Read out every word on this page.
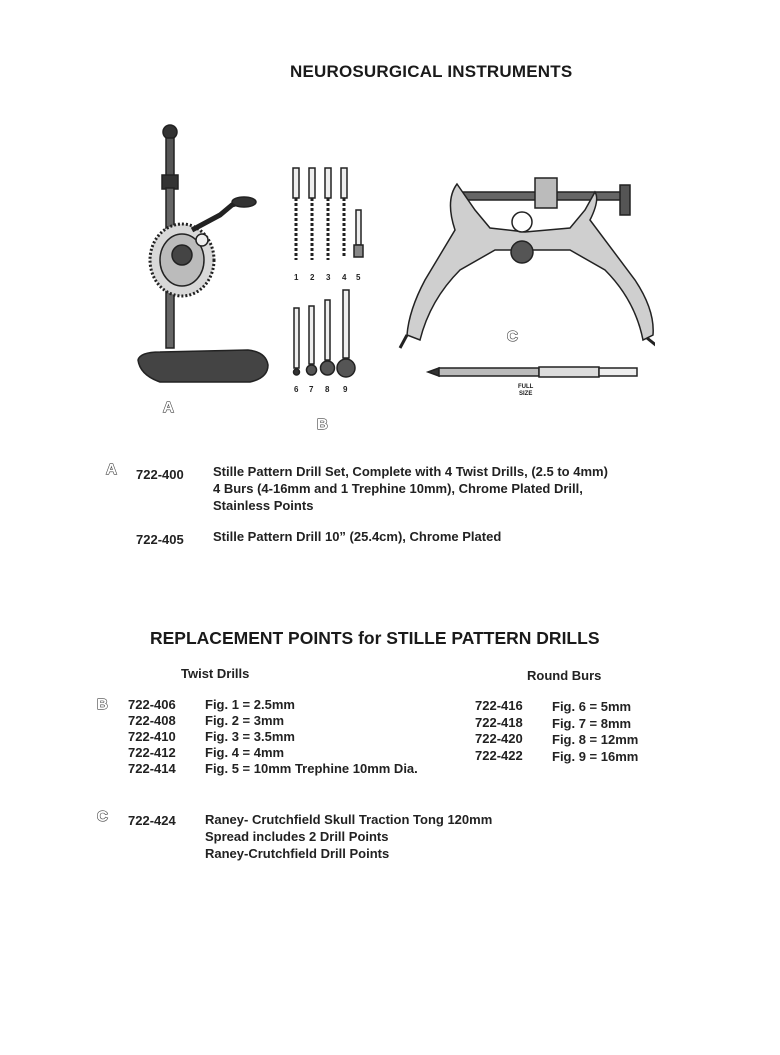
NEUROSURGICAL INSTRUMENTS
A
1 2 3 4 5
6 7 8 9
B
C
FULL
SIZE
A 722-400 Stille Pattern Drill Set, Complete with 4 Twist Drills, (2.5 to 4mm)
4 Burs (4-16mm and 1 Trephine 10mm), Chrome Plated Drill,
Stainless Points
722-405 Stille Pattern Drill 10” (25.4cm), Chrome Plated
REPLACEMENT POINTS for STILLE PATTERN DRILLS
Twist Drills	Round Burs
B 722-406
722-408
722-410
722-412
722-414
Fig. 1 = 2.5mm
Fig. 2 = 3mm
Fig. 3 = 3.5mm
Fig. 4 = 4mm
Fig. 5 = 10mm Trephine 10mm Dia.
722-416
722-418
722-420
722-422
Fig. 6 = 5mm
Fig. 7 = 8mm
Fig. 8 = 12mm
Fig. 9 = 16mm
C 722-424 Raney- Crutchfield Skull Traction Tong 120mm
Spread includes 2 Drill Points
Raney-Crutchfield Drill Points
